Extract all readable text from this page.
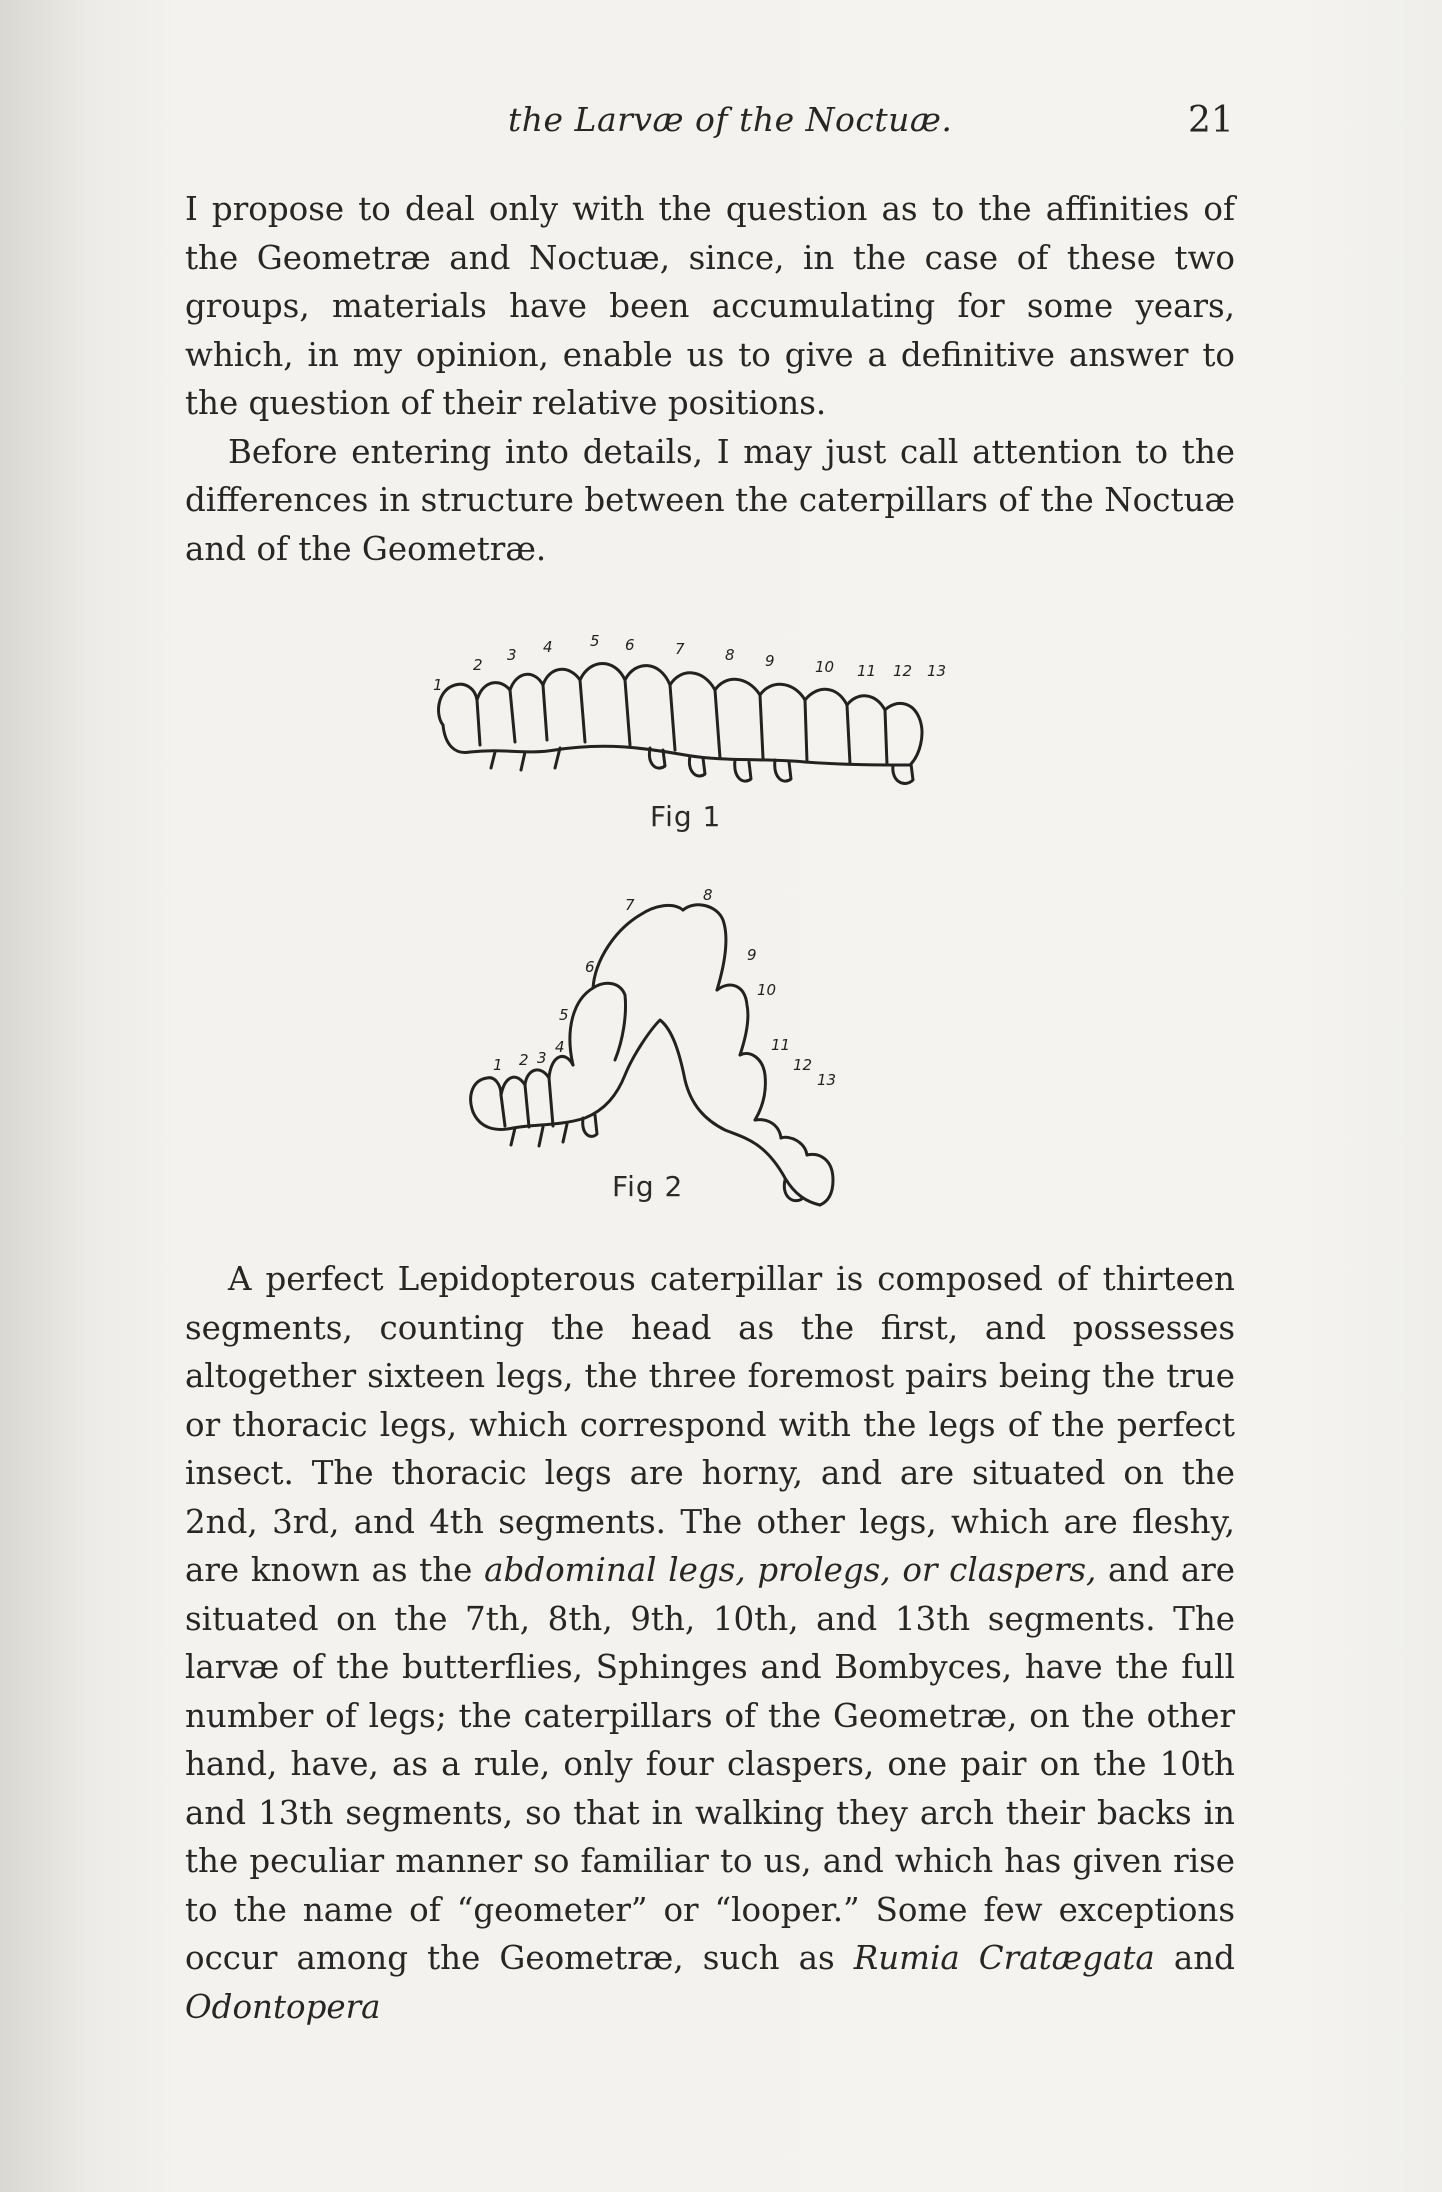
the Larvæ of the Noctuæ.	21

I propose to deal only with the question as to the affinities of the Geometræ and Noctuæ, since, in the case of these two groups, materials have been accumulating for some years, which, in my opinion, enable us to give a definitive answer to the question of their relative positions.

Before entering into details, I may just call attention to the differences in structure between the caterpillars of the Noctuæ and of the Geometræ.

1
2
3 4 5 6	7	8 9	10 11 12 13
Fig 1
1 2 3
4
5
6
7
8
9
10
11
12
13
Fig 2

A perfect Lepidopterous caterpillar is composed of thirteen segments, counting the head as the first, and possesses altogether sixteen legs, the three foremost pairs being the true or thoracic legs, which correspond with the legs of the perfect insect. The thoracic legs are horny, and are situated on the 2nd, 3rd, and 4th segments. The other legs, which are fleshy, are known as the abdominal legs, prolegs, or claspers, and are situated on the 7th, 8th, 9th, 10th, and 13th segments. The larvæ of the butterflies, Sphinges and Bombyces, have the full number of legs; the caterpillars of the Geometræ, on the other hand, have, as a rule, only four claspers, one pair on the 10th and 13th segments, so that in walking they arch their backs in the peculiar manner so familiar to us, and which has given rise to the name of “geometer” or “looper.” Some few exceptions occur among the Geometræ, such as Rumia Cratægata and Odontopera
